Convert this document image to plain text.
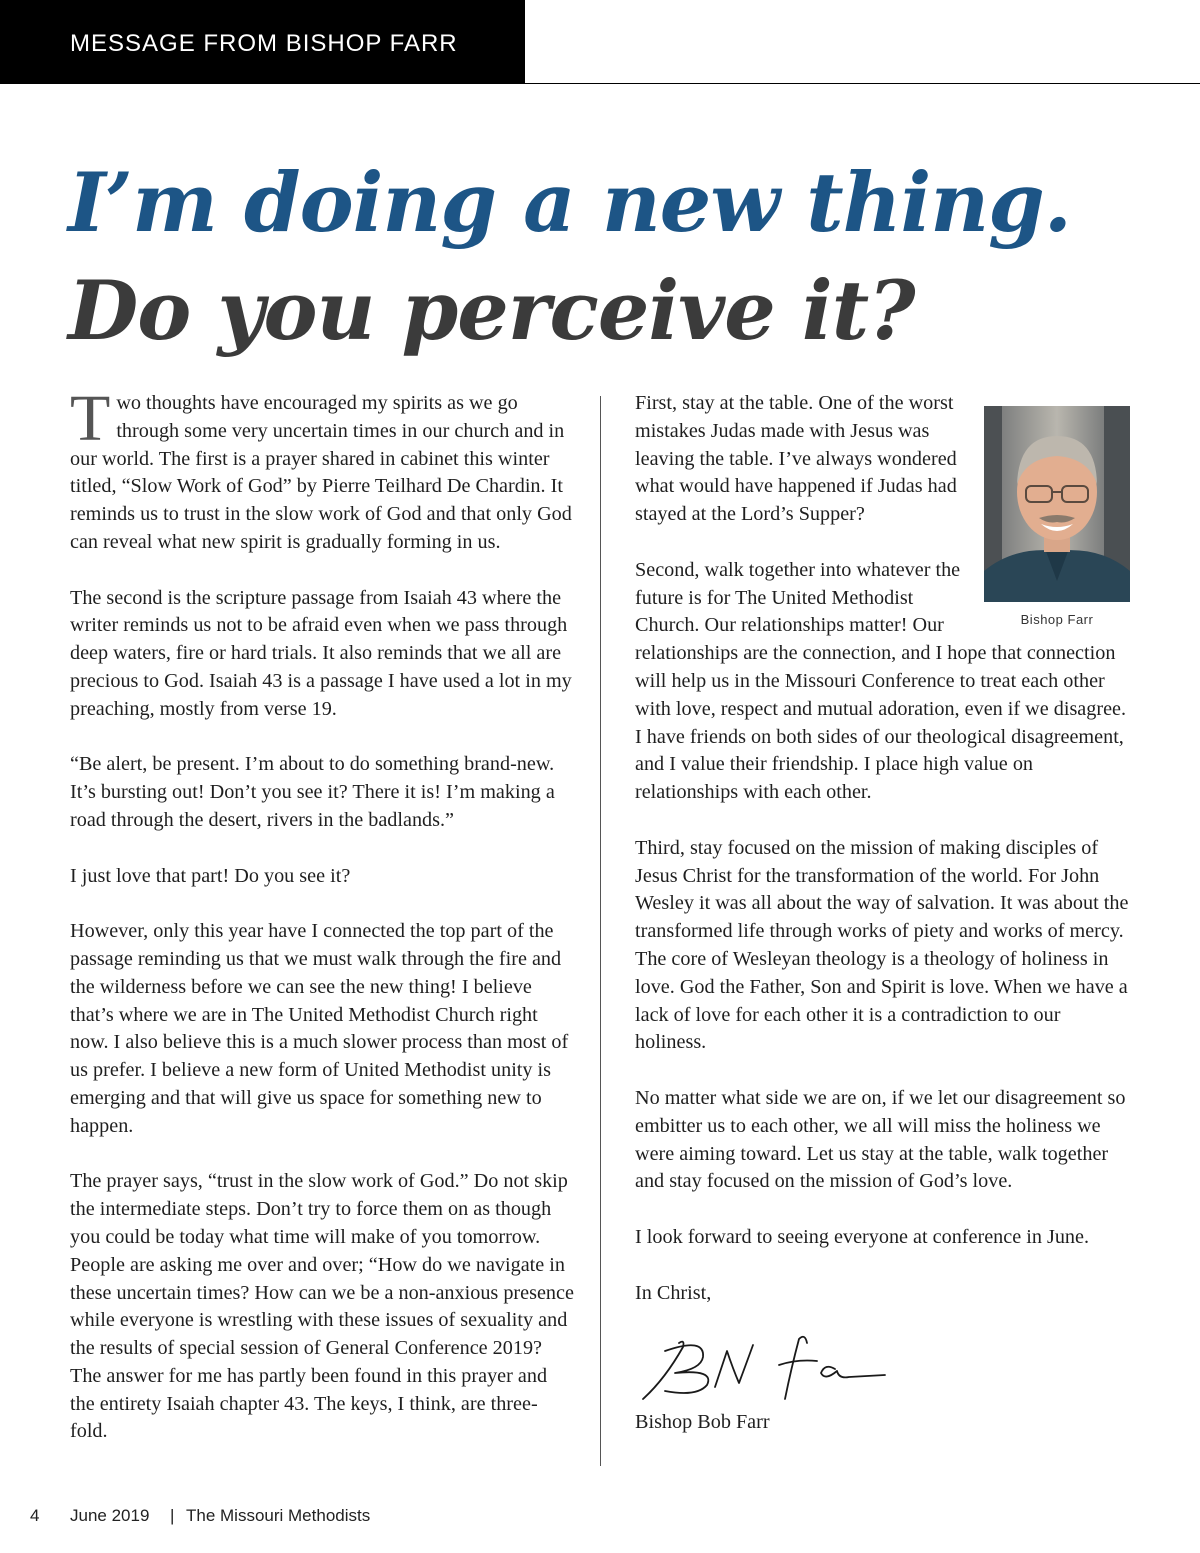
MESSAGE FROM BISHOP FARR
I’m doing a new thing.
Do you perceive it?

Two thoughts have encouraged my spirits as we go through some very uncertain times in our church and in our world. The first is a prayer shared in cabinet this winter titled, “Slow Work of God” by Pierre Teilhard De Chardin. It reminds us to trust in the slow work of God and that only God can reveal what new spirit is gradually forming in us.

The second is the scripture passage from Isaiah 43 where the writer reminds us not to be afraid even when we pass through deep waters, fire or hard trials. It also reminds that we all are precious to God. Isaiah 43 is a passage I have used a lot in my preaching, mostly from verse 19.

“Be alert, be present. I’m about to do something brand-new. It’s bursting out! Don’t you see it? There it is! I’m making a road through the desert, rivers in the badlands.”

I just love that part! Do you see it?

However, only this year have I connected the top part of the passage reminding us that we must walk through the fire and the wilderness before we can see the new thing! I believe that’s where we are in The United Methodist Church right now. I also believe this is a much slower process than most of us prefer. I believe a new form of United Methodist unity is emerging and that will give us space for something new to happen.

The prayer says, “trust in the slow work of God.” Do not skip the intermediate steps. Don’t try to force them on as though you could be today what time will make of you tomorrow. People are asking me over and over; “How do we navigate in these uncertain times? How can we be a non-anxious presence while everyone is wrestling with these issues of sexuality and the results of special session of General Conference 2019? The answer for me has partly been found in this prayer and the entirety Isaiah chapter 43. The keys, I think, are three-fold.

Bishop Farr

First, stay at the table. One of the worst mistakes Judas made with Jesus was leaving the table. I’ve always wondered what would have happened if Judas had stayed at the Lord’s Supper?

Second, walk together into whatever the future is for The United Methodist Church. Our relationships matter! Our relationships are the connection, and I hope that connection will help us in the Missouri Conference to treat each other with love, respect and mutual adoration, even if we disagree. I have friends on both sides of our theological disagreement, and I value their friendship. I place high value on relationships with each other.

Third, stay focused on the mission of making disciples of Jesus Christ for the transformation of the world. For John Wesley it was all about the way of salvation. It was about the transformed life through works of piety and works of mercy. The core of Wesleyan theology is a theology of holiness in love. God the Father, Son and Spirit is love. When we have a lack of love for each other it is a contradiction to our holiness.

No matter what side we are on, if we let our disagreement so embitter us to each other, we all will miss the holiness we were aiming toward. Let us stay at the table, walk together and stay focused on the mission of God’s love.

I look forward to seeing everyone at conference in June.

In Christ,

Bishop Bob Farr

4 June 2019 | The Missouri Methodists
